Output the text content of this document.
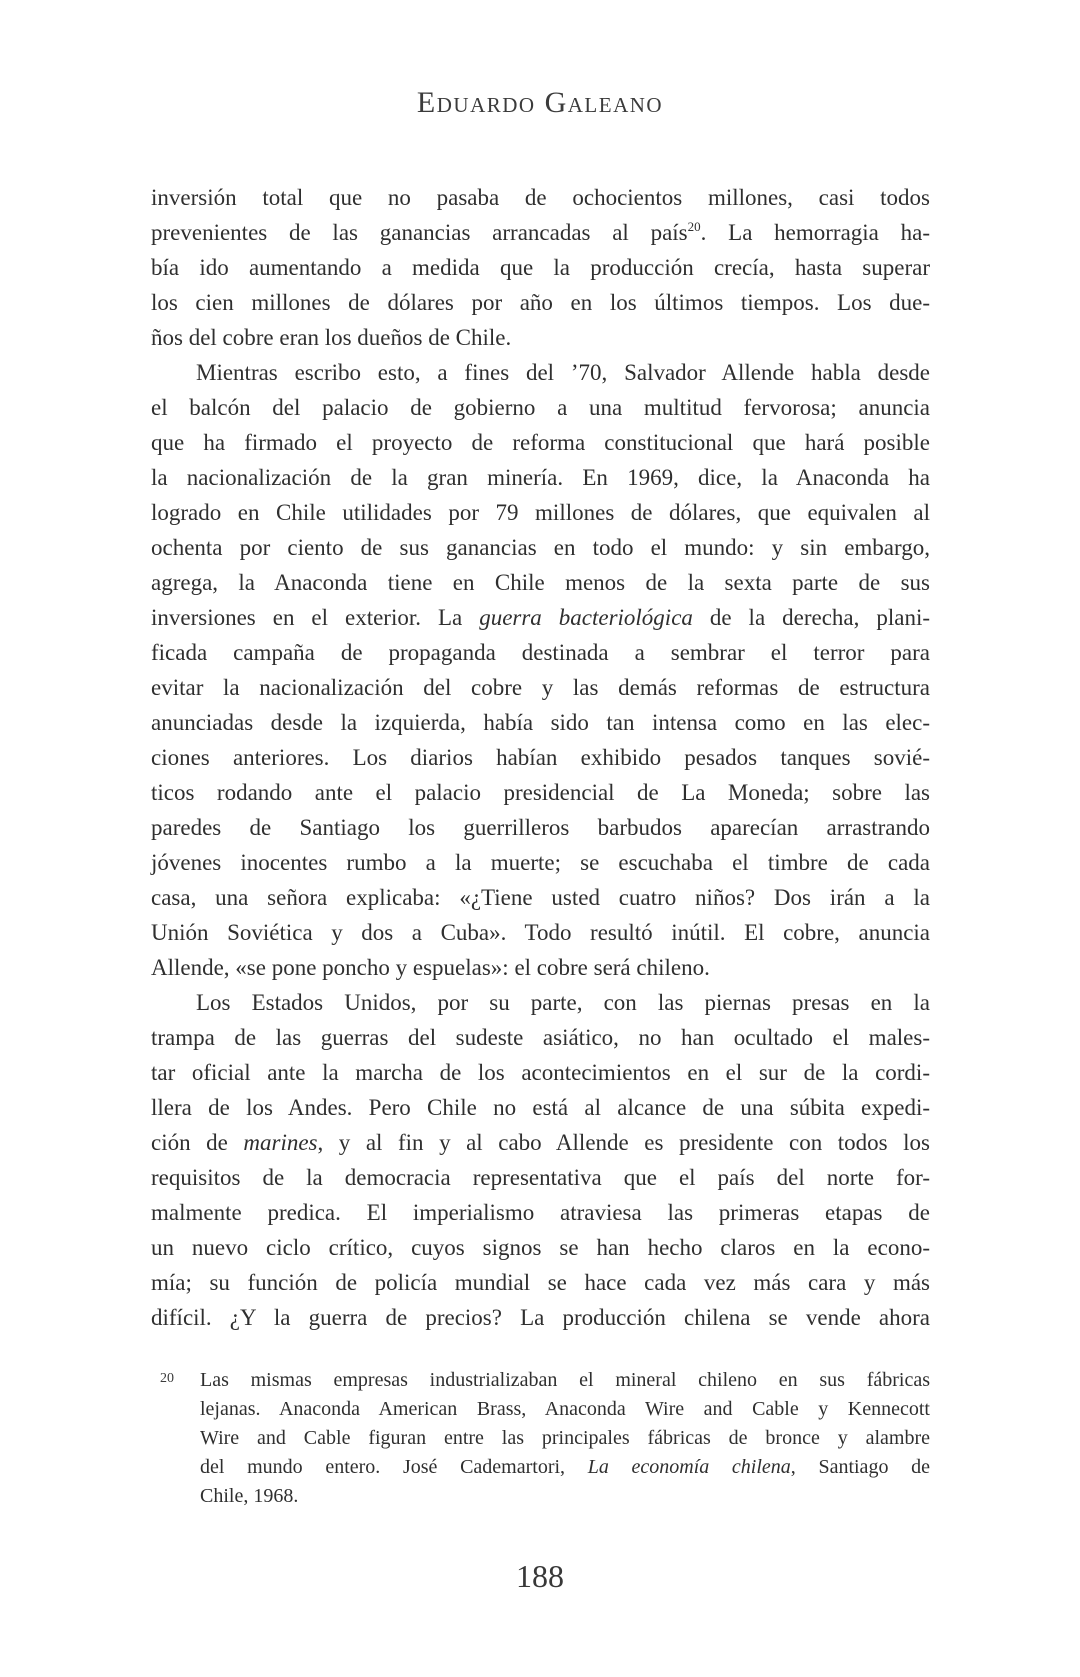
Eduardo Galeano
inversión total que no pasaba de ochocientos millones, casi todos
prevenientes de las ganancias arrancadas al país$^{20}$. La hemorragia ha-
bía ido aumentando a medida que la producción crecía, hasta superar
los cien millones de dólares por año en los últimos tiempos. Los due-
ños del cobre eran los dueños de Chile.
Mientras escribo esto, a fines del ’70, Salvador Allende habla desde
el balcón del palacio de gobierno a una multitud fervorosa; anuncia
que ha firmado el proyecto de reforma constitucional que hará posible
la nacionalización de la gran minería. En 1969, dice, la Anaconda ha
logrado en Chile utilidades por 79 millones de dólares, que equivalen al
ochenta por ciento de sus ganancias en todo el mundo: y sin embargo,
agrega, la Anaconda tiene en Chile menos de la sexta parte de sus
inversiones en el exterior. La guerra bacteriológica de la derecha, plani-
ficada campaña de propaganda destinada a sembrar el terror para
evitar la nacionalización del cobre y las demás reformas de estructura
anunciadas desde la izquierda, había sido tan intensa como en las elec-
ciones anteriores. Los diarios habían exhibido pesados tanques sovié-
ticos rodando ante el palacio presidencial de La Moneda; sobre las
paredes de Santiago los guerrilleros barbudos aparecían arrastrando
jóvenes inocentes rumbo a la muerte; se escuchaba el timbre de cada
casa, una señora explicaba: «¿Tiene usted cuatro niños? Dos irán a la
Unión Soviética y dos a Cuba». Todo resultó inútil. El cobre, anuncia
Allende, «se pone poncho y espuelas»: el cobre será chileno.
Los Estados Unidos, por su parte, con las piernas presas en la
trampa de las guerras del sudeste asiático, no han ocultado el males-
tar oficial ante la marcha de los acontecimientos en el sur de la cordi-
llera de los Andes. Pero Chile no está al alcance de una súbita expedi-
ción de marines, y al fin y al cabo Allende es presidente con todos los
requisitos de la democracia representativa que el país del norte for-
malmente predica. El imperialismo atraviesa las primeras etapas de
un nuevo ciclo crítico, cuyos signos se han hecho claros en la econo-
mía; su función de policía mundial se hace cada vez más cara y más
difícil. ¿Y la guerra de precios? La producción chilena se vende ahora
20 Las mismas empresas industrializaban el mineral chileno en sus fábricas
lejanas. Anaconda American Brass, Anaconda Wire and Cable y Kennecott
Wire and Cable figuran entre las principales fábricas de bronce y alambre
del mundo entero. José Cademartori, La economía chilena, Santiago de
Chile, 1968.
188
